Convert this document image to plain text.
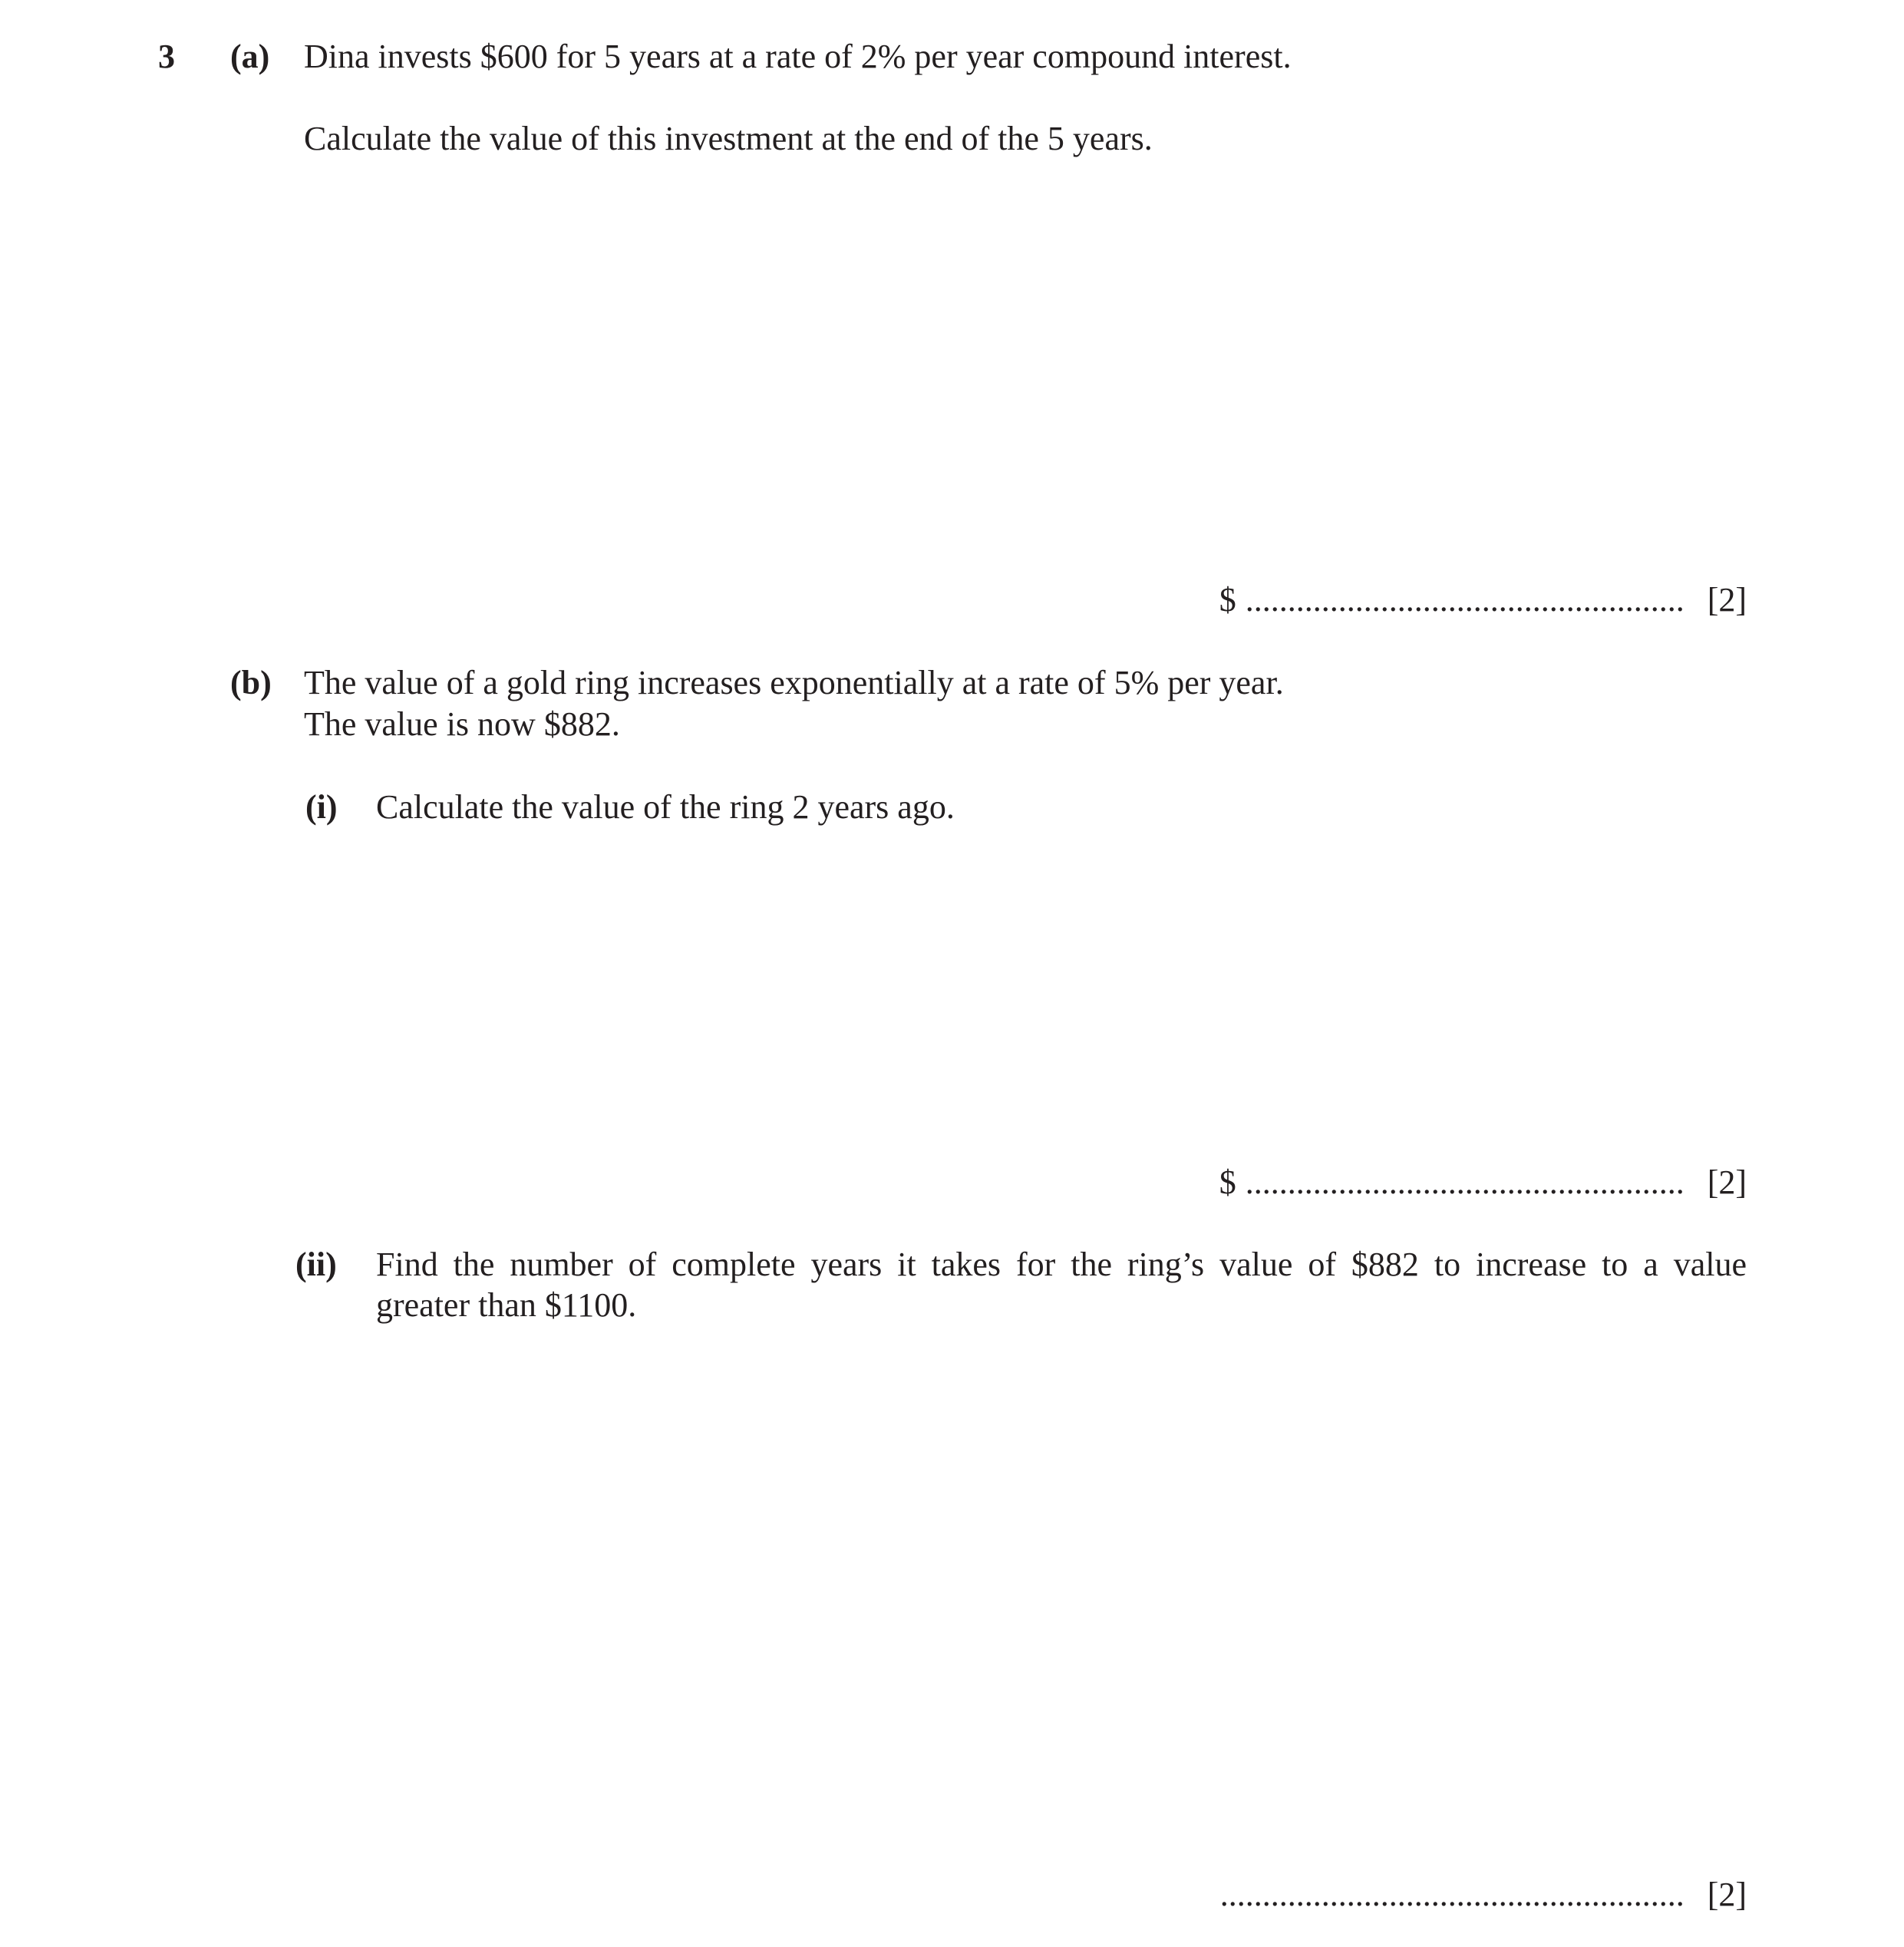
3 (a) Dina invests $600 for 5 years at a rate of 2% per year compound interest.
Calculate the value of this investment at the end of the 5 years.
$ .................................................... [2]
(b) The value of a gold ring increases exponentially at a rate of 5% per year.
The value is now $882.
(i) Calculate the value of the ring 2 years ago.
$ .................................................... [2]
(ii) Find the number of complete years it takes for the ring’s value of $882 to increase to a value
greater than $1100.
....................................................... [2]
